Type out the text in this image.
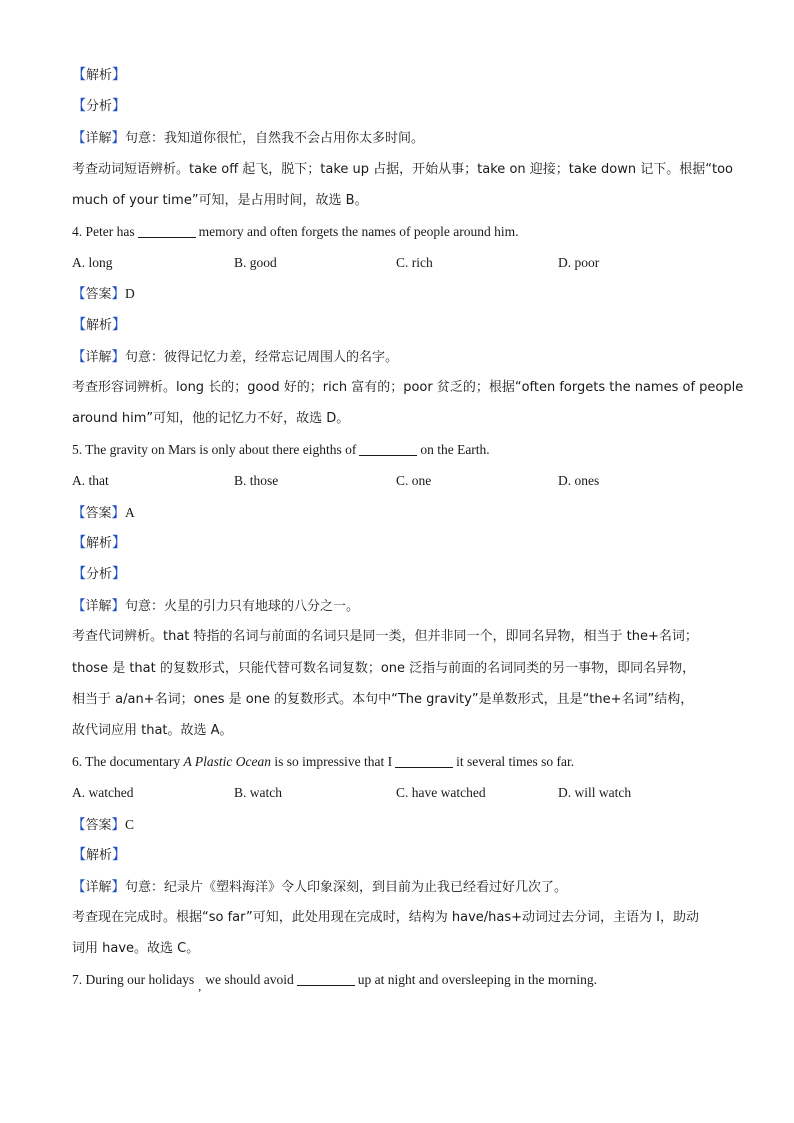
【解析】
【分析】
【详解】句意：我知道你很忙，自然我不会占用你太多时间。
考查动词短语辨析。take off 起飞，脱下；take up 占据，开始从事；take on 迎接；take down 记下。根据“too
much of your time”可知，是占用时间，故选 B。
4. Peter has	memory and often forgets the names of people around him.
A. long	B. good	C. rich	D. poor
【答案】D
【解析】
【详解】句意：彼得记忆力差，经常忘记周围人的名字。
考查形容词辨析。long 长的；good 好的；rich 富有的；poor 贫乏的；根据“often forgets the names of people
around him”可知，他的记忆力不好，故选 D。
5. The gravity on Mars is only about there eighths of	on the Earth.
A. that	B. those	C. one	D. ones
【答案】A
【解析】
【分析】
【详解】句意：火星的引力只有地球的八分之一。
考查代词辨析。that 特指的名词与前面的名词只是同一类，但并非同一个，即同名异物，相当于 the+名词；
those 是 that 的复数形式，只能代替可数名词复数；one 泛指与前面的名词同类的另一事物，即同名异物，
相当于 a/an+名词；ones 是 one 的复数形式。本句中“The gravity”是单数形式，且是“the+名词”结构，
故代词应用 that。故选 A。
6. The documentary A Plastic Ocean is so impressive that I	it several times so far.
A. watched	B. watch	C. have watched	D. will watch
【答案】C
【解析】
【详解】句意：纪录片《塑料海洋》令人印象深刻，到目前为止我已经看过好几次了。
考查现在完成时。根据“so far”可知，此处用现在完成时，结构为 have/has+动词过去分词，主语为 I，助动
词用 have。故选 C。
7. During our holidays , we should avoid	up at night and oversleeping in the morning.
